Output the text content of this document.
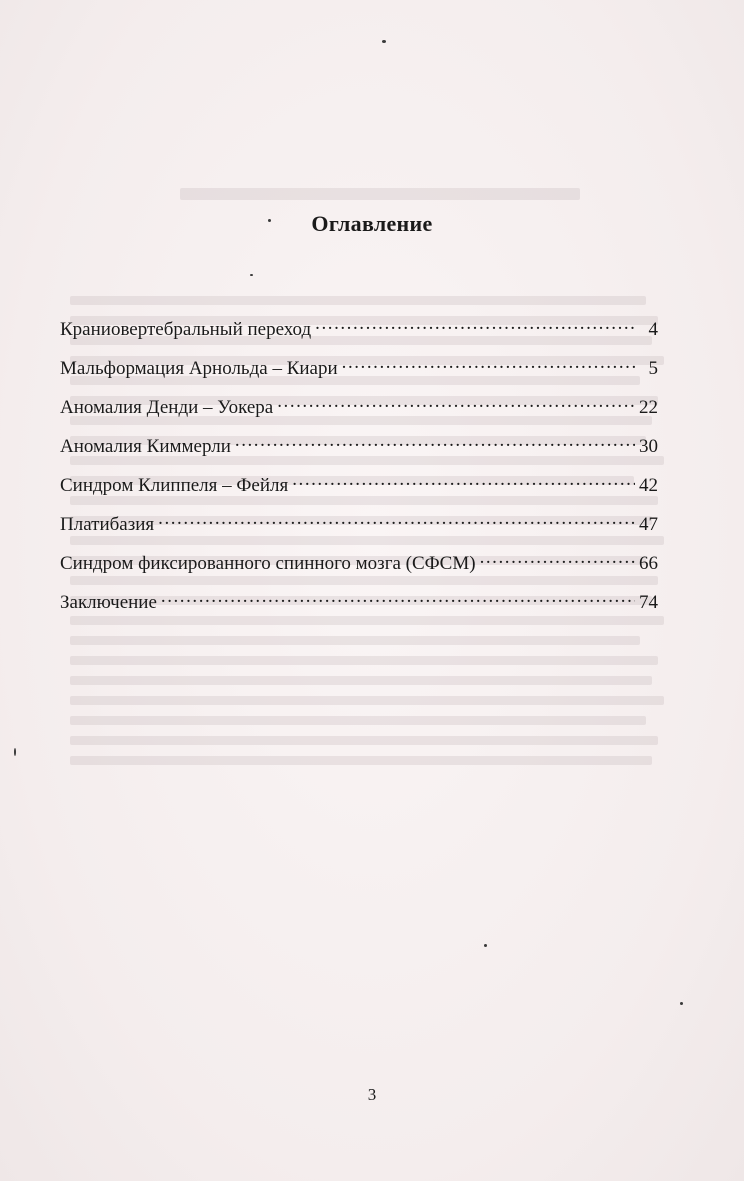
Оглавление
Краниовертебральный переход . . .	4
Мальформация Арнольда – Киари . . .	5
Аномалия Денди – Уокера . . .	22
Аномалия Киммерли . . .	30
Синдром Клиппеля – Фейля . . .	42
Платибазия . . .	47
Синдром фиксированного спинного мозга (СФСМ) . . .	66
Заключение . . .	74
3
